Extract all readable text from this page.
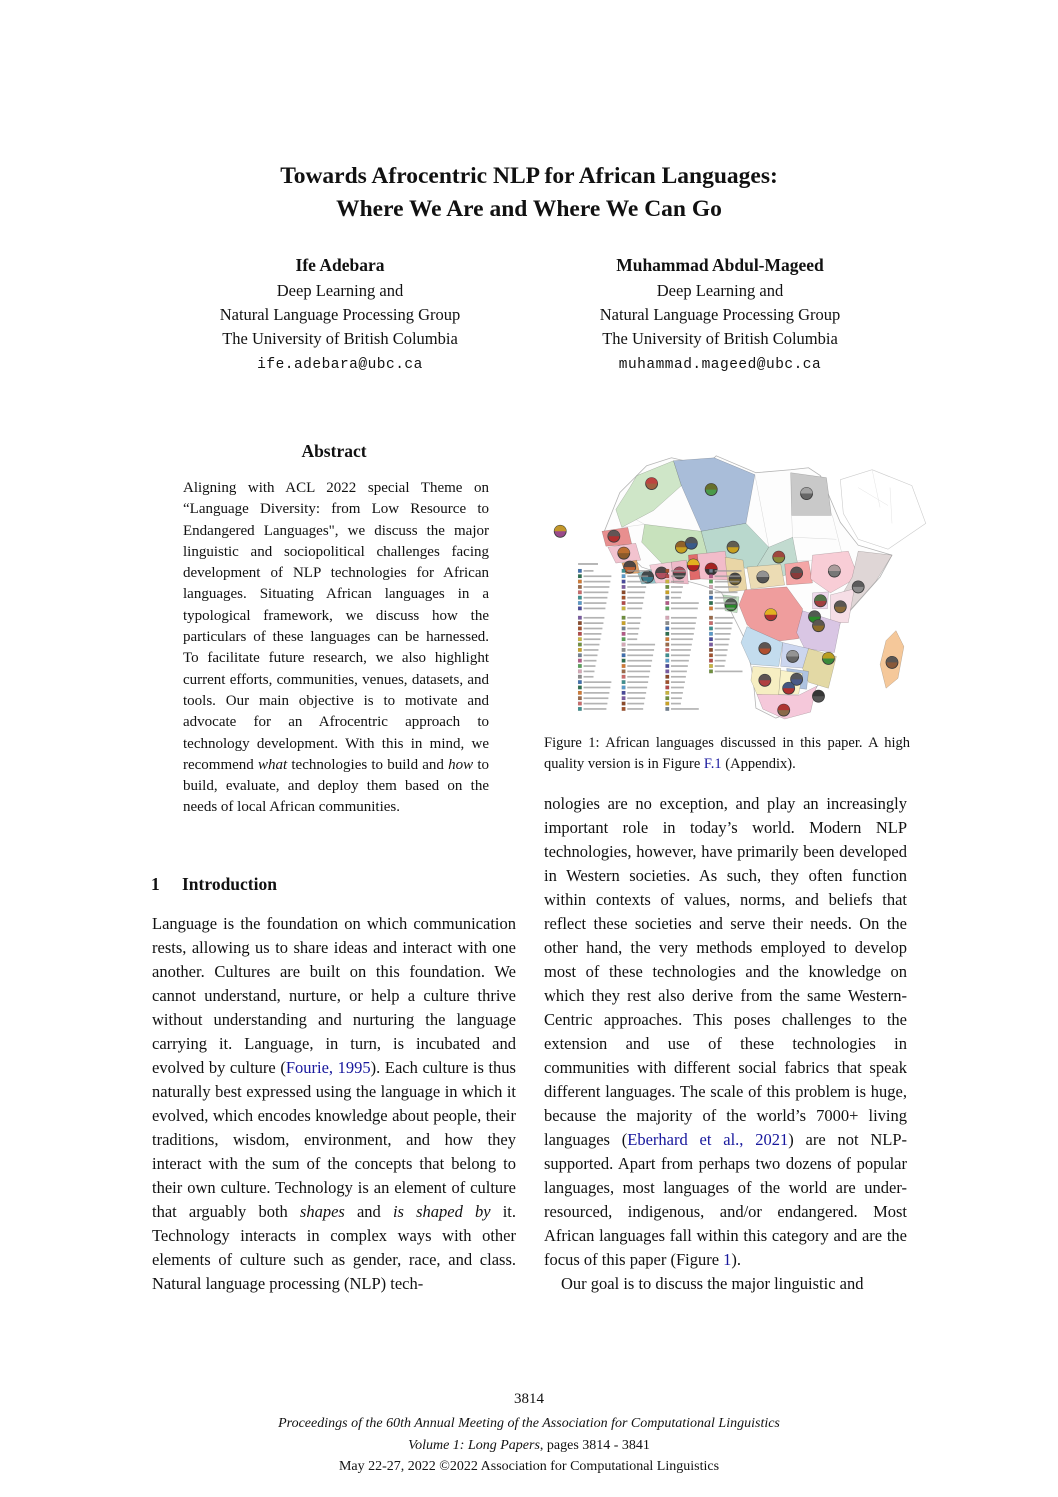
Towards Afrocentric NLP for African Languages:
Where We Are and Where We Can Go
Ife Adebara
Deep Learning and
Natural Language Processing Group
The University of British Columbia
ife.adebara@ubc.ca
Muhammad Abdul-Mageed
Deep Learning and
Natural Language Processing Group
The University of British Columbia
muhammad.mageed@ubc.ca
Abstract
Aligning with ACL 2022 special Theme on “Language Diversity: from Low Resource to Endangered Languages", we discuss the major linguistic and sociopolitical challenges facing development of NLP technologies for African languages. Situating African languages in a typological framework, we discuss how the particulars of these languages can be harnessed. To facilitate future research, we also highlight current efforts, communities, venues, datasets, and tools. Our main objective is to motivate and advocate for an Afrocentric approach to technology development. With this in mind, we recommend what technologies to build and how to build, evaluate, and deploy them based on the needs of local African communities.
1 Introduction
Language is the foundation on which communication rests, allowing us to share ideas and interact with one another. Cultures are built on this foundation. We cannot understand, nurture, or help a culture thrive without understanding and nurturing the language carrying it. Language, in turn, is incubated and evolved by culture (Fourie, 1995). Each culture is thus naturally best expressed using the language in which it evolved, which encodes knowledge about people, their traditions, wisdom, environment, and how they interact with the sum of the concepts that belong to their own culture. Technology is an element of culture that arguably both shapes and is shaped by it. Technology interacts in complex ways with other elements of culture such as gender, race, and class. Natural language processing (NLP) tech-
Figure 1: African languages discussed in this paper. A high quality version is in Figure F.1 (Appendix).

nologies are no exception, and play an increasingly important role in today’s world. Modern NLP technologies, however, have primarily been developed in Western societies. As such, they often function within contexts of values, norms, and beliefs that reflect these societies and serve their needs. On the other hand, the very methods employed to develop most of these technologies and the knowledge on which they rest also derive from the same Western-Centric approaches. This poses challenges to the extension and use of these technologies in communities with different social fabrics that speak different languages. The scale of this problem is huge, because the majority of the world’s 7000+ living languages (Eberhard et al., 2021) are not NLP-supported. Apart from perhaps two dozens of popular languages, most languages of the world are under-resourced, indigenous, and/or endangered. Most African languages fall within this category and are the focus of this paper (Figure 1).

Our goal is to discuss the major linguistic and

3814
Proceedings of the 60th Annual Meeting of the Association for Computational Linguistics
Volume 1: Long Papers, pages 3814 - 3841
May 22-27, 2022 ©2022 Association for Computational Linguistics
